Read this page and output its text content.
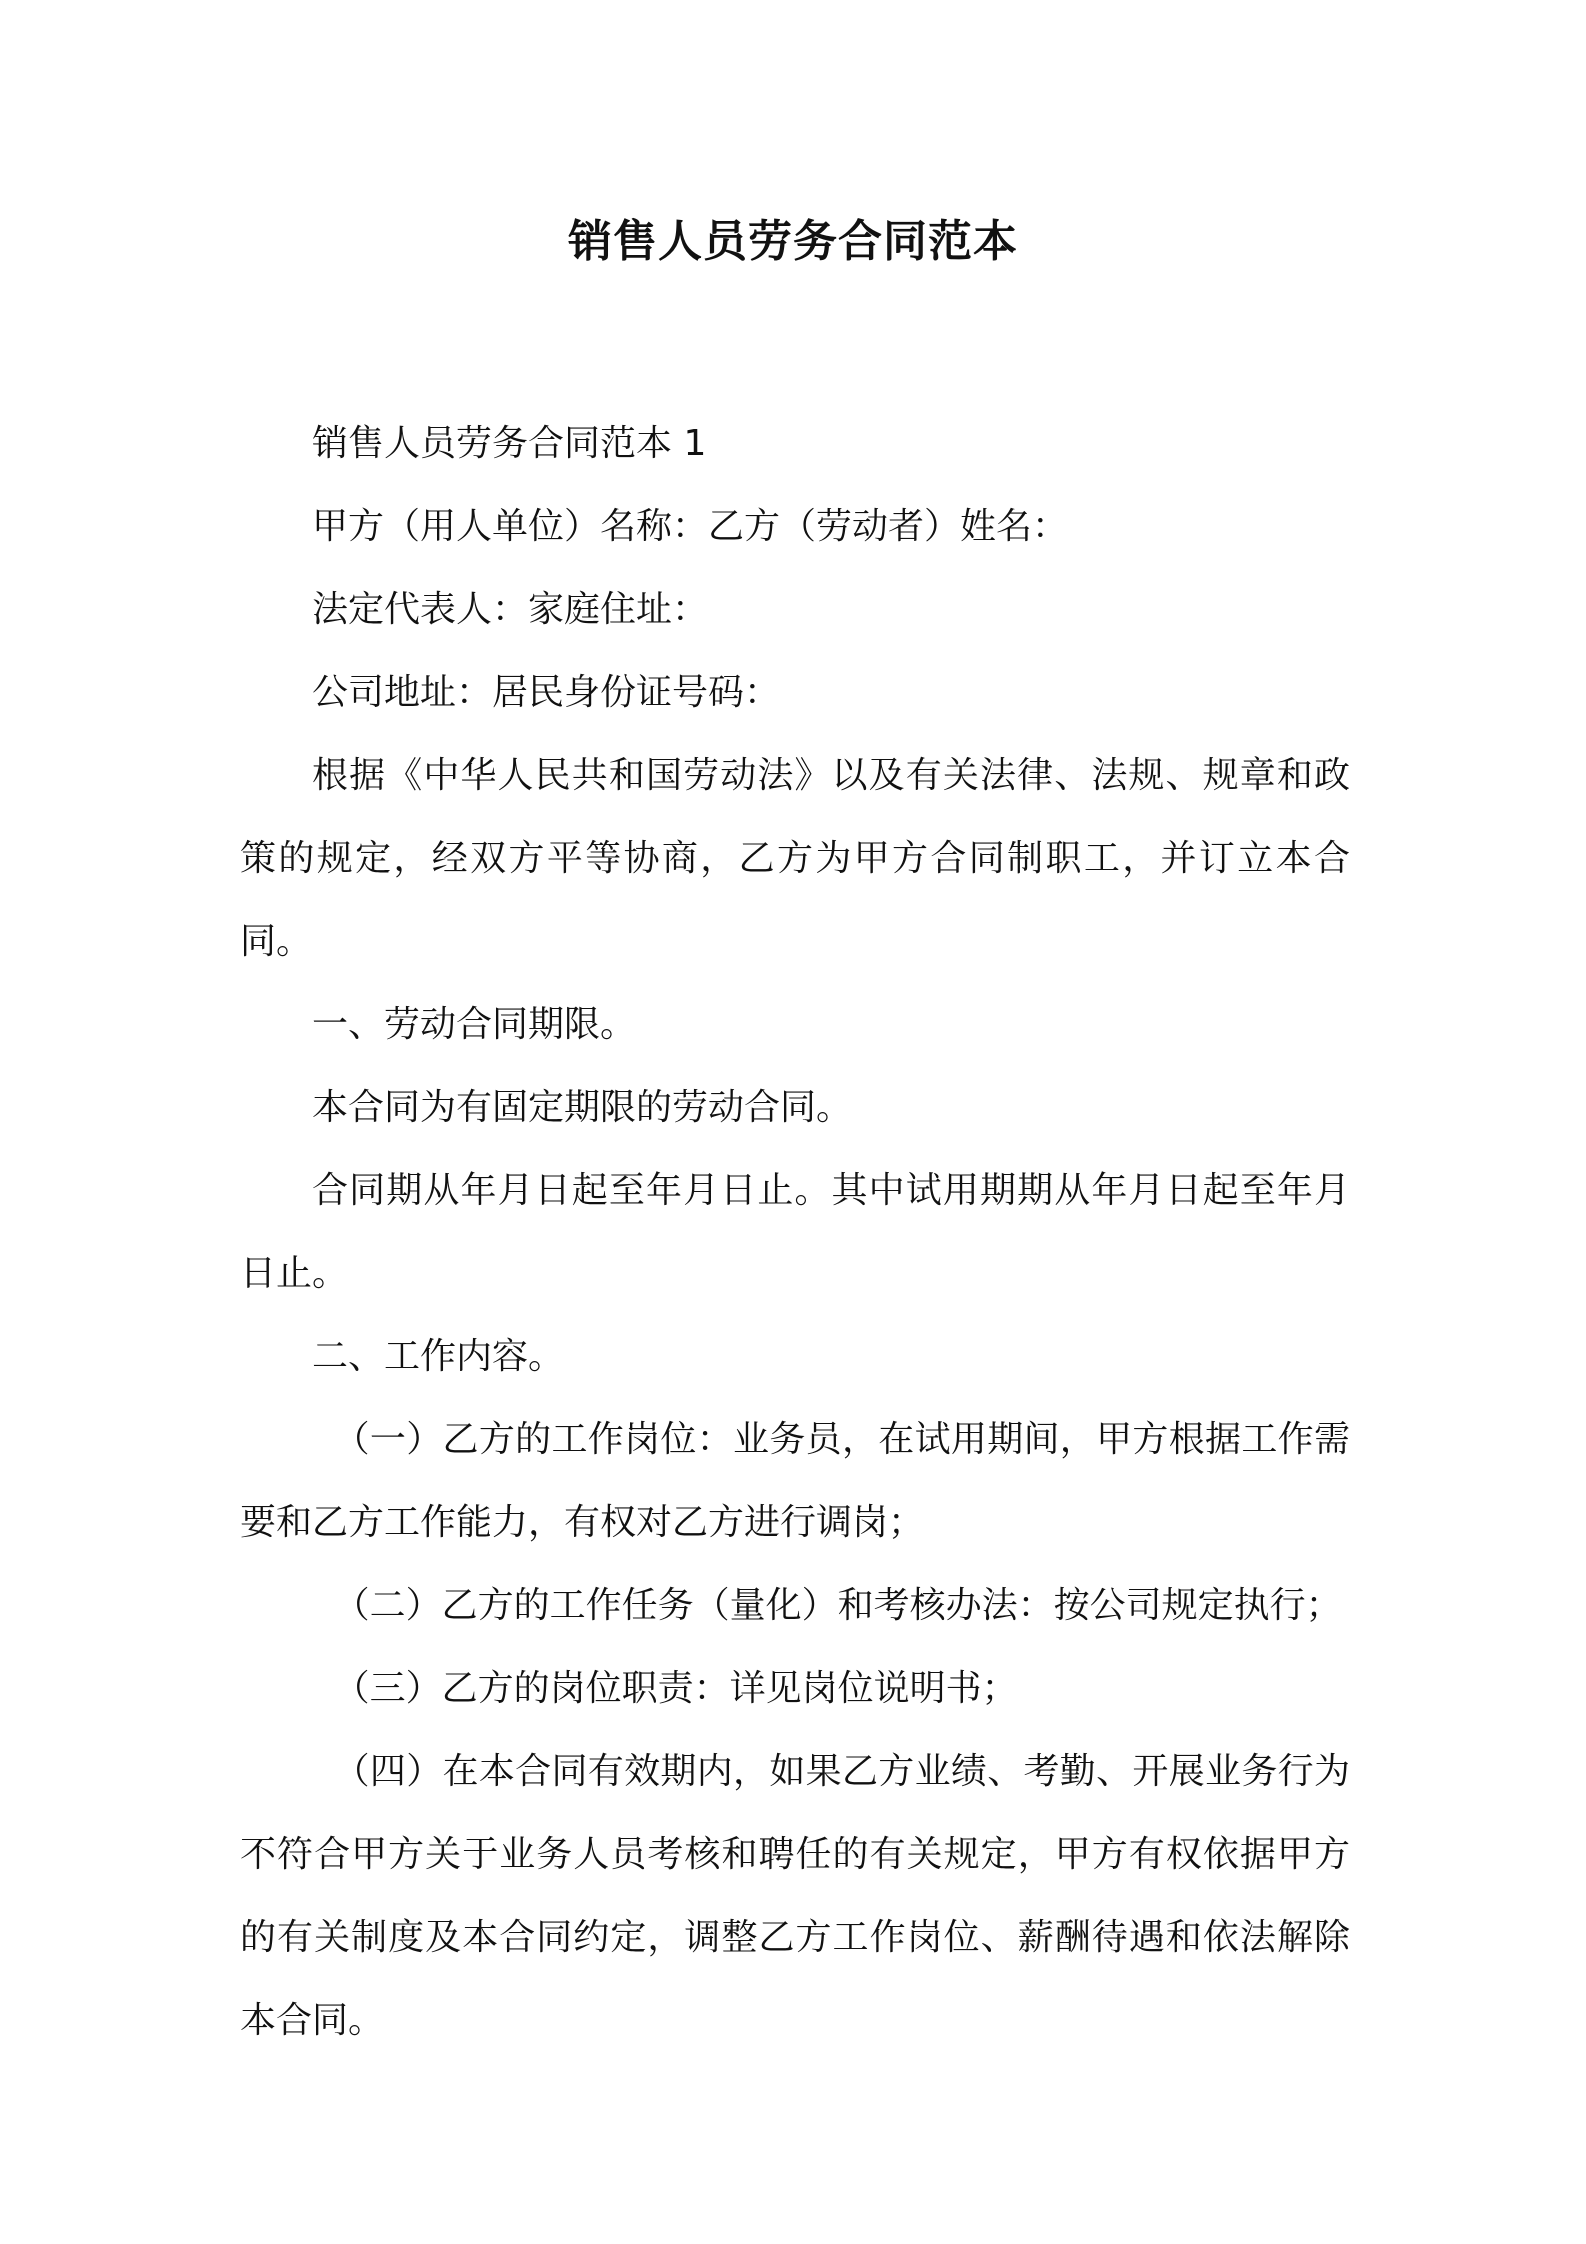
销售人员劳务合同范本

销售人员劳务合同范本 1

甲方（用人单位）名称：乙方（劳动者）姓名：

法定代表人：家庭住址：

公司地址：居民身份证号码：

根据《中华人民共和国劳动法》以及有关法律、法规、规章和政策的规定，经双方平等协商，乙方为甲方合同制职工，并订立本合同。

一、劳动合同期限。

本合同为有固定期限的劳动合同。

合同期从年月日起至年月日止。其中试用期期从年月日起至年月日止。

二、工作内容。

（一）乙方的工作岗位：业务员，在试用期间，甲方根据工作需要和乙方工作能力，有权对乙方进行调岗；

（二）乙方的工作任务（量化）和考核办法：按公司规定执行；

（三）乙方的岗位职责：详见岗位说明书；

（四）在本合同有效期内，如果乙方业绩、考勤、开展业务行为不符合甲方关于业务人员考核和聘任的有关规定，甲方有权依据甲方的有关制度及本合同约定，调整乙方工作岗位、薪酬待遇和依法解除本合同。
